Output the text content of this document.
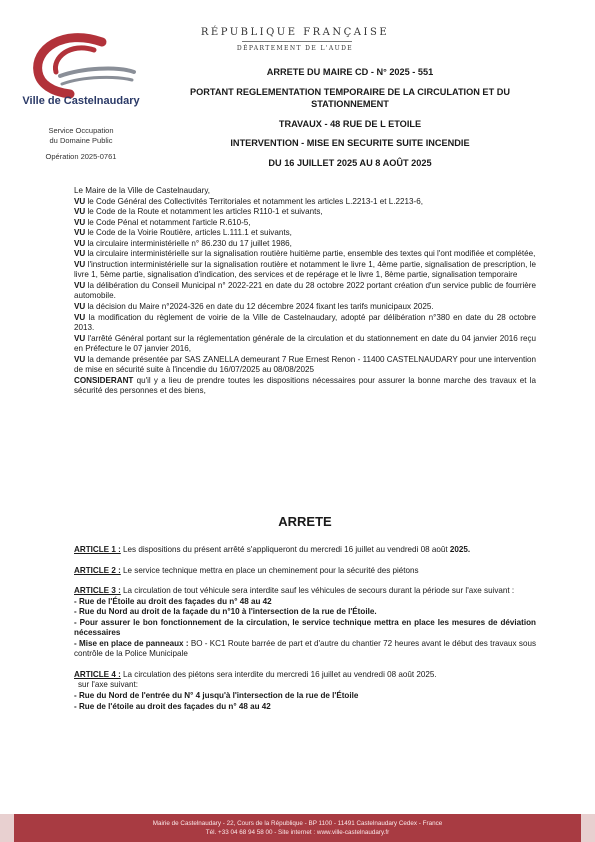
Ville de Castelnaudary
Service Occupation
du Domaine Public
Opération 2025-0761
RÉPUBLIQUE FRANÇAISE
DÉPARTEMENT DE L'AUDE
ARRETE DU MAIRE CD - N° 2025 - 551
PORTANT REGLEMENTATION TEMPORAIRE DE LA CIRCULATION ET DU
STATIONNEMENT
TRAVAUX - 48 RUE DE L ETOILE
INTERVENTION - MISE EN SECURITE SUITE INCENDIE
DU 16 JUILLET 2025 AU 8 AOÛT 2025

Le Maire de la Ville de Castelnaudary,

VU le Code Général des Collectivités Territoriales et notamment les articles L.2213-1 et L.2213-6,

VU le Code de la Route et notamment les articles R110-1 et suivants,

VU le Code Pénal et notamment l'article R.610-5,

VU le Code de la Voirie Routière, articles L.111.1 et suivants,

VU la circulaire interministérielle n° 86.230 du 17 juillet 1986,

VU la circulaire interministérielle sur la signalisation routière huitième partie, ensemble des textes qui l'ont modifiée et complétée,

VU l'instruction interministérielle sur la signalisation routière et notamment le livre 1, 4ème partie, signalisation de prescription, le livre 1, 5ème partie, signalisation d'indication, des services et de repérage et le livre 1, 8ème partie, signalisation temporaire

VU la délibération du Conseil Municipal n° 2022-221 en date du 28 octobre 2022 portant création d'un service public de fourrière automobile.

VU la décision du Maire n°2024-326 en date du 12 décembre 2024 fixant les tarifs municipaux 2025.

VU la modification du règlement de voirie de la Ville de Castelnaudary, adopté par délibération n°380 en date du 28 octobre 2013.

VU l'arrêté Général portant sur la réglementation générale de la circulation et du stationnement en date du 04 janvier 2016 reçu en Préfecture le 07 janvier 2016,

VU la demande présentée par SAS ZANELLA demeurant 7 Rue Ernest Renon - 11400 CASTELNAUDARY pour une intervention de mise en sécurité suite à l'incendie du 16/07/2025 au 08/08/2025

CONSIDERANT qu'il y a lieu de prendre toutes les dispositions nécessaires pour assurer la bonne marche des travaux et la sécurité des personnes et des biens,

ARRETE

ARTICLE 1 : Les dispositions du présent arrêté s'appliqueront du mercredi 16 juillet au vendredi 08 août 2025.

ARTICLE 2 : Le service technique mettra en place un cheminement pour la sécurité des piétons

ARTICLE 3 : La circulation de tout véhicule sera interdite sauf les véhicules de secours durant la période sur l'axe suivant :

- Rue de l'Étoile au droit des façades du n° 48 au 42

- Rue du Nord au droit de la façade du n°10 à l'intersection de la rue de l'Étoile.

- Pour assurer le bon fonctionnement de la circulation, le service technique mettra en place les mesures de déviation nécessaires

- Mise en place de panneaux : BO - KC1 Route barrée de part et d'autre du chantier 72 heures avant le début des travaux sous contrôle de la Police Municipale

ARTICLE 4 : La circulation des piétons sera interdite du mercredi 16 juillet au vendredi 08 août 2025.

sur l'axe suivant:

- Rue du Nord de l'entrée du N° 4 jusqu'à l'intersection de la rue de l'Étoile

- Rue de l'étoile au droit des façades du n° 48 au 42

Mairie de Castelnaudary - 22, Cours de la République - BP 1100 - 11491 Castelnaudary Cedex - France
Tél. +33 04 68 94 58 00 - Site internet : www.ville-castelnaudary.fr
